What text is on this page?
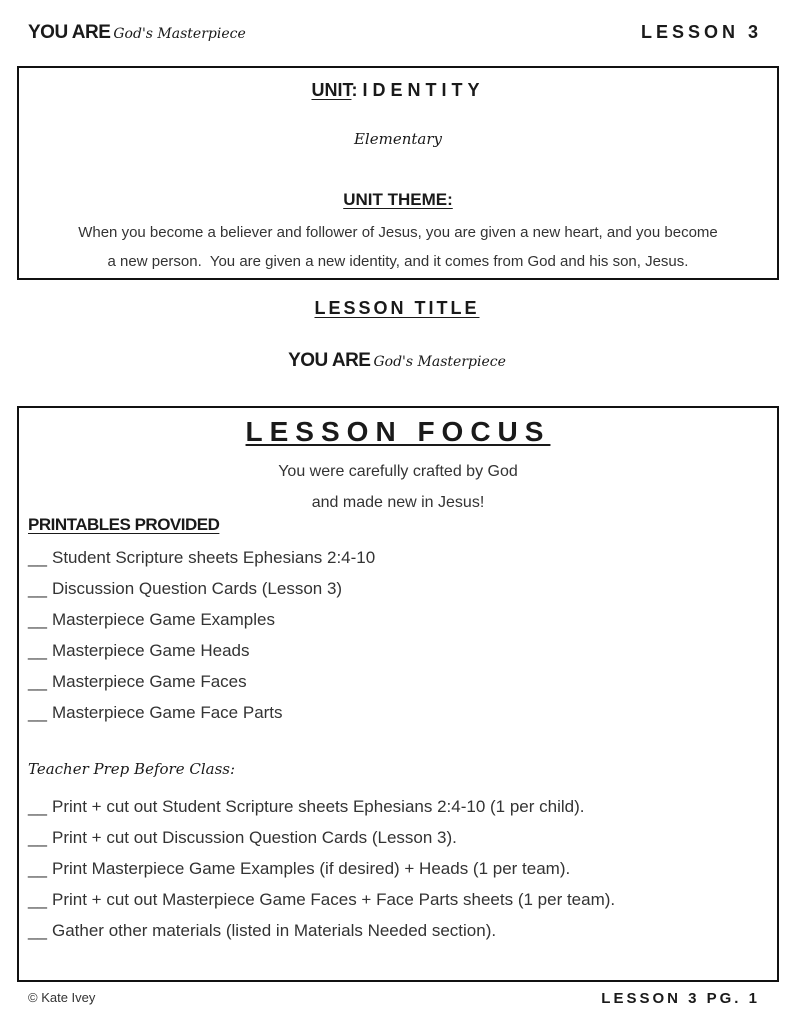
YOU ARE God's Masterpiece	LESSON 3
UNIT: IDENTITY
Elementary
UNIT THEME:
When you become a believer and follower of Jesus, you are given a new heart, and you become
a new person.  You are given a new identity, and it comes from God and his son, Jesus.
LESSON TITLE
YOU ARE God's Masterpiece
LESSON FOCUS
You were carefully crafted by God
and made new in Jesus!
PRINTABLES PROVIDED
__ Student Scripture sheets Ephesians 2:4-10
__ Discussion Question Cards (Lesson 3)
__ Masterpiece Game Examples
__ Masterpiece Game Heads
__ Masterpiece Game Faces
__ Masterpiece Game Face Parts
Teacher Prep Before Class:
__ Print + cut out Student Scripture sheets Ephesians 2:4-10 (1 per child).
__ Print + cut out Discussion Question Cards (Lesson 3).
__ Print Masterpiece Game Examples (if desired) + Heads (1 per team).
__ Print + cut out Masterpiece Game Faces + Face Parts sheets (1 per team).
__ Gather other materials (listed in Materials Needed section).
© Kate Ivey	LESSON 3 PG. 1
